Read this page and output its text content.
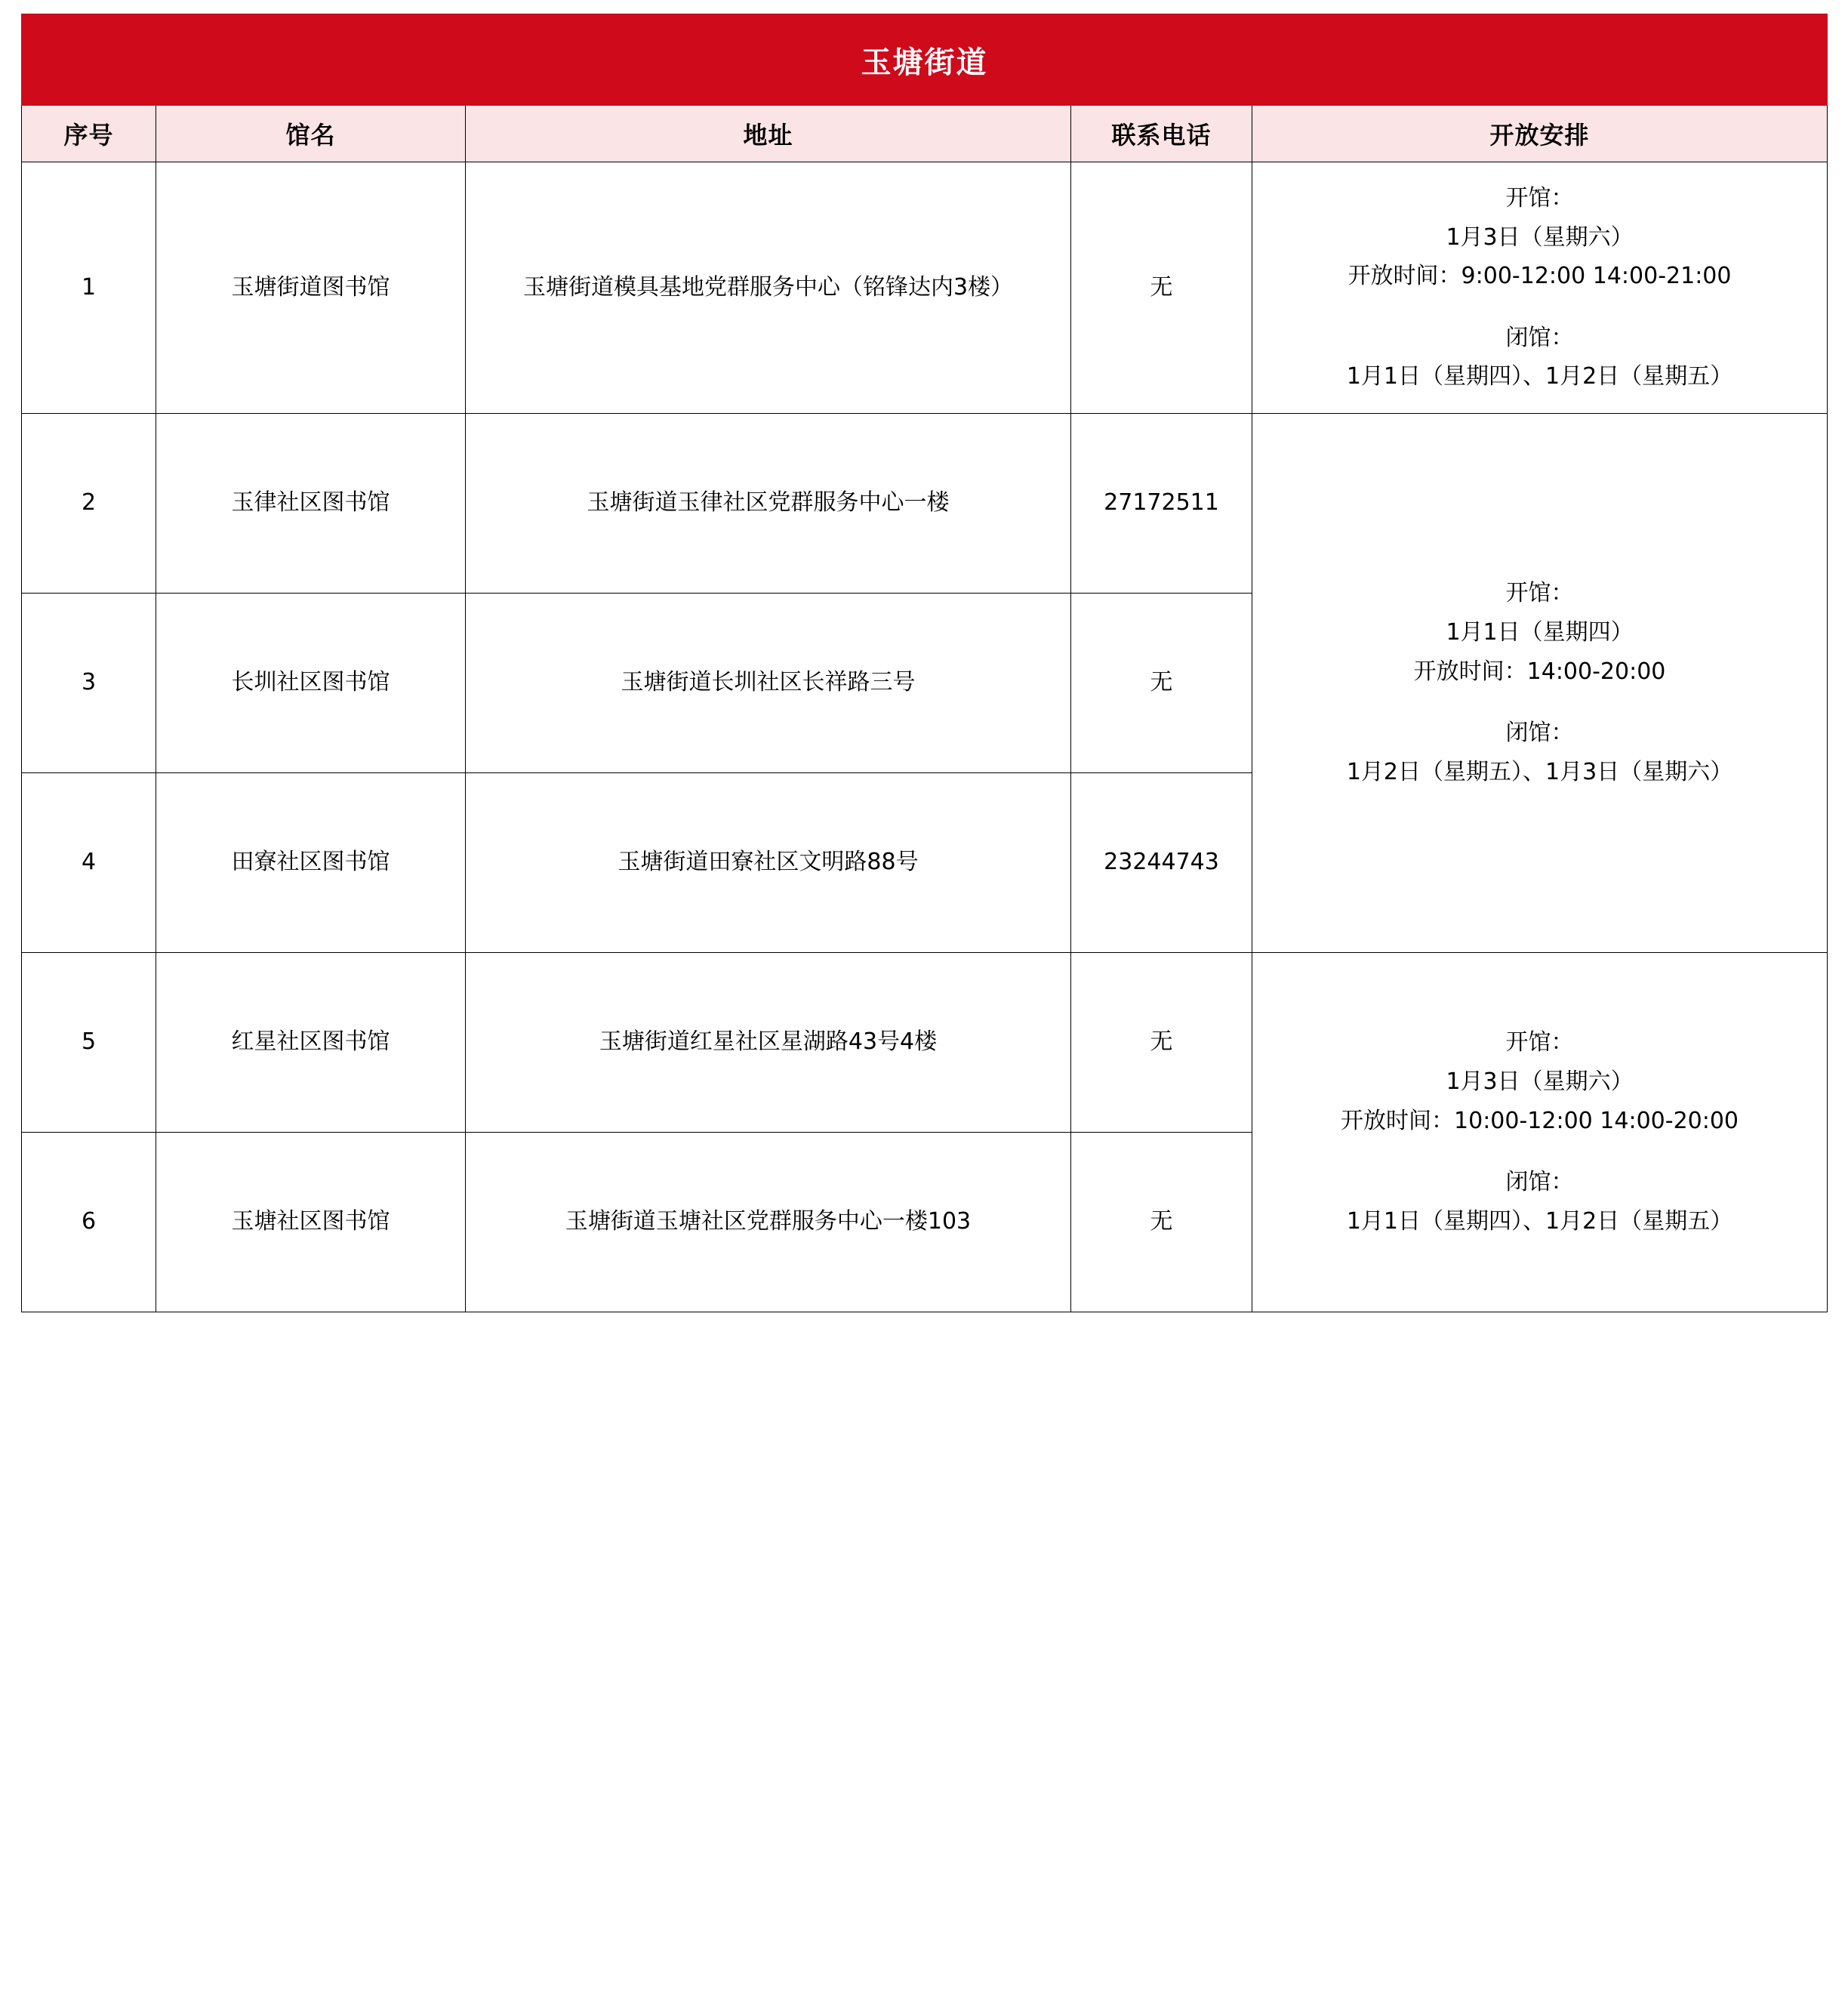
玉塘街道				
序号	馆名	地址	联系电话	开放安排
1	玉塘街道图书馆	玉塘街道模具基地党群服务中心（铭锋达内3楼）	无	开馆：
1月3日（星期六）
开放时间：9:00-12:00 14:00-21:00
闭馆：
1月1日（星期四）、1月2日（星期五）

2	玉律社区图书馆	玉塘街道玉律社区党群服务中心一楼	27172511	开馆：
1月1日（星期四）
开放时间：14:00-20:00
闭馆：
1月2日（星期五）、1月3日（星期六）

3	长圳社区图书馆	玉塘街道长圳社区长祥路三号	无	
4	田寮社区图书馆	玉塘街道田寮社区文明路88号	23244743	
5	红星社区图书馆	玉塘街道红星社区星湖路43号4楼	无	开馆：
1月3日（星期六）
开放时间：10:00-12:00 14:00-20:00
闭馆：
1月1日（星期四）、1月2日（星期五）

6	玉塘社区图书馆	玉塘街道玉塘社区党群服务中心一楼103	无	
